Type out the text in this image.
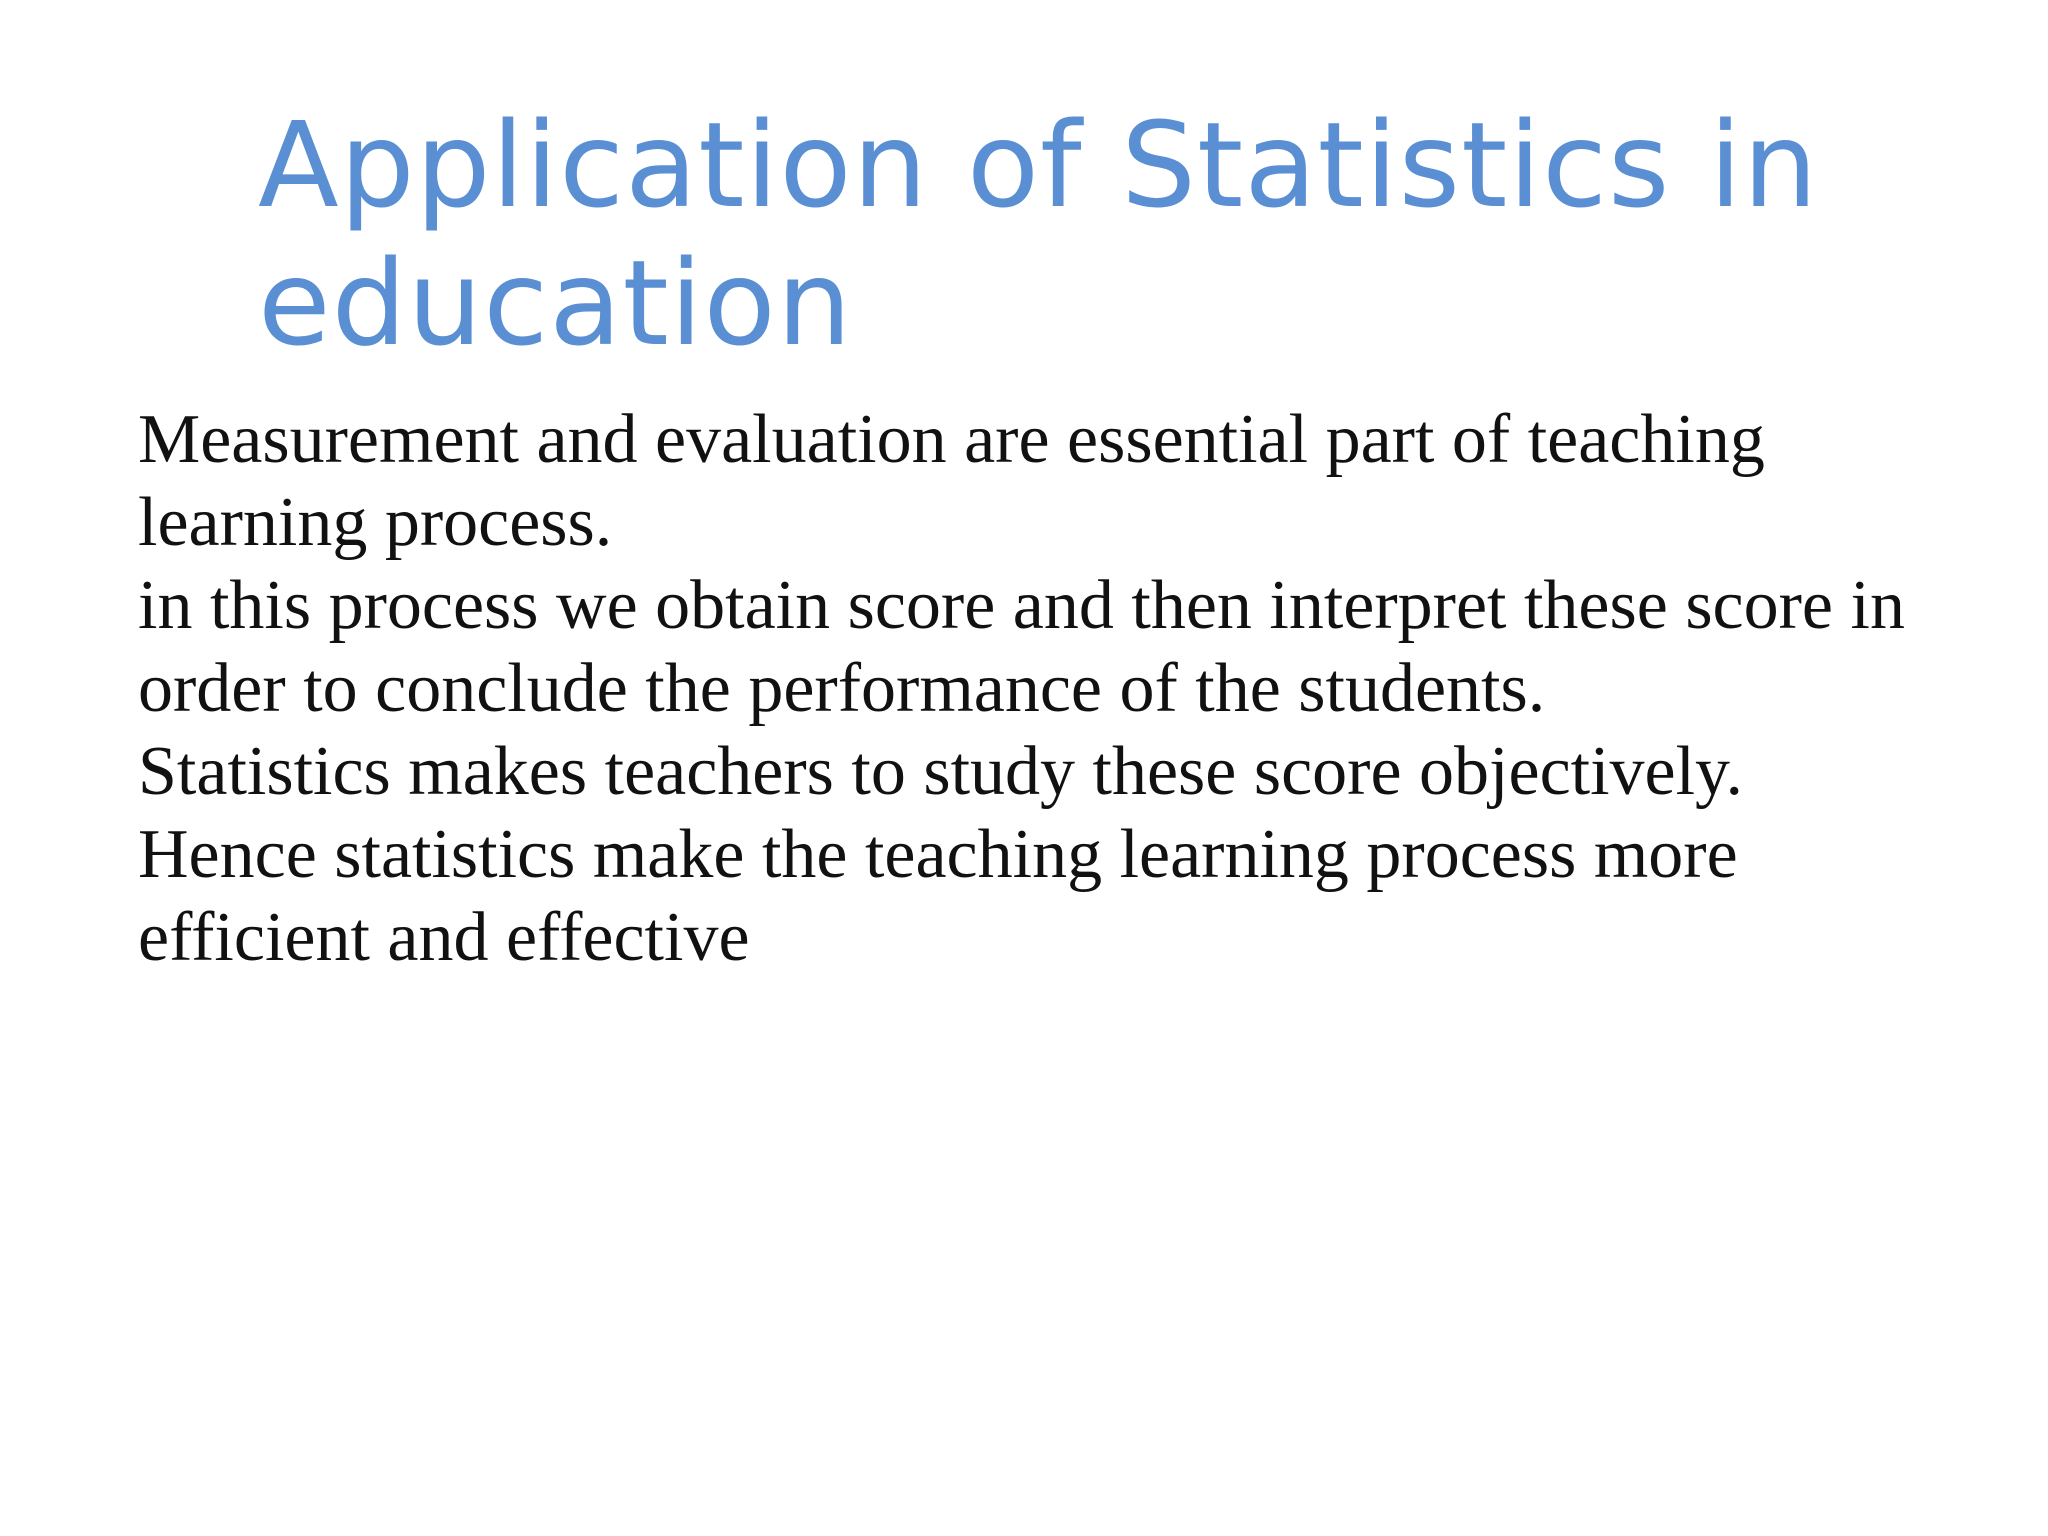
Application of Statistics in
education
Measurement and evaluation are essential part of teaching
learning process.
in this process we obtain score and then interpret these score in
order to conclude the performance of the students.
Statistics makes teachers to study these score objectively.
Hence statistics make the teaching learning process more
efficient and effective
